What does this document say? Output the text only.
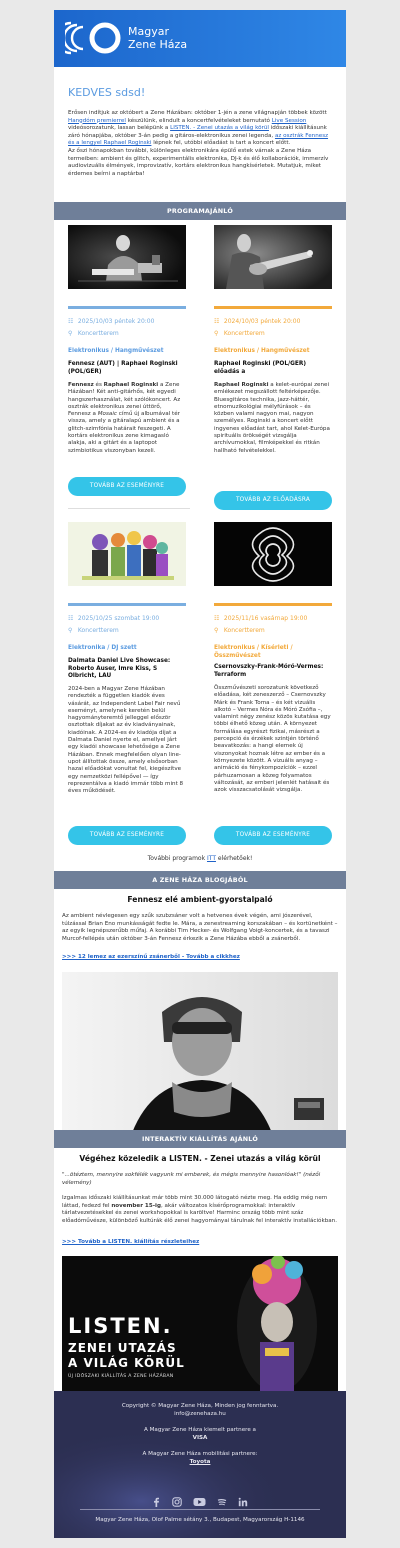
Magyar
Zene Háza
KEDVES sdsd!
Erősen indítjuk az októbert a Zene Házában: október 1-jén a zene világnapján többek között Hangdóm premierrel készülünk, elindult a koncertfelvételeket bemutató Live Session videósorozatunk, lassan belépünk a LISTEN. - Zenei utazás a világ körül időszaki kiállításunk záró hónapjába, október 3-án pedig a gitáros-elektronikus zenei legenda, az osztrák Fennesz és a lengyel Raphael Roginski lépnek fel, utóbbi előadást is tart a koncert előtt.
Az őszi hónapokban további, különleges elektronikára épülő estek várnak a Zene Háza termeiben: ambient és glitch, experimentális elektronika, DJ-k és élő kollaborációk, immerzív audiovizuális élmények, improvizatív, kortárs elektronikus hangkísérletek. Mutatjuk, miket érdemes beírni a naptárba!
PROGRAMAJÁNLÓ
☷ 2025/10/03 péntek 20:00
⚲ Koncertterem
Elektronikus / Hangművészet
Fennesz (AUT) | Raphael Roginski (POL/GER)
Fennesz és Raphael Roginski a Zene Házában! Két anti-gitárhős, két egyedi hangszerhasználat, két szólókoncert. Az osztrák elektronikus zenei úttörő, Fennesz a Mosaic című új albumával tér vissza, amely a gitáralapú ambient és a glitch-szimfónia határait feszegeti. A kortárs elektronikus zene kimagasló alakja, aki a gitárt és a laptopot szimbiotikus viszonyban kezeli.
TOVÁBB AZ ESEMÉNYRE
☷ 2024/10/03 péntek 20:00
⚲ Koncertterem
Elektronikus / Hangművészet
Raphael Roginski (POL/GER) előadás a
Raphael Roginski a kelet-európai zenei emlékezet megszállott feltérképezője. Bluesgitáros technika, jazz-háttér, etnomuzikológiai mélyfúrások – és közben valami nagyon mai, nagyon személyes. Roginski a koncert előtt ingyenes előadást tart, ahol Kelet-Európa spirituális örökségét vizsgálja archívumokkal, filmképekkel és ritkán hallható felvételekkel.
TOVÁBB AZ ELŐADÁSRA
☷ 2025/10/25 szombat 19:00
⚲ Koncertterem
Elektronika / DJ szett
Dalmata Daniel Live Showcase: Roberto Auser, Imre Kiss, S Olbricht, LAU
2024-ben a Magyar Zene Házában rendezték a független kiadók éves vásárát, az Independent Label Fair nevű eseményt, amelynek keretén belül hagyományteremtő jelleggel először osztottak díjakat az év kiadványainak, kiadóinak. A 2024-es év kiadója díjat a Dalmata Daniel nyerte el, amellyel járt egy kiadói showcase lehetősége a Zene Házában. Ennek megfelelően olyan line-upot állítottak össze, amely elsősorban hazai előadókat vonultat fel, kiegészítve egy nemzetközi fellépővel — így reprezentálva a kiadó immár több mint 8 éves működését.
TOVÁBB AZ ESEMÉNYRE
☷ 2025/11/16 vasárnap 19:00
⚲ Koncertterem
Elektronikus / Kísérleti / Összművészet
Csernovszky-Frank-Móró-Vermes: Terraform
Összművészeti sorozatunk következő előadása, két zeneszerző – Csernovszky Márk és Frank Toma – és két vizuális alkotó – Vermes Nóra és Móró Zsófia –, valamint négy zenész közös kutatása egy többi élhető közeg után. A környezet formálása egyrészt fizikai, másrészt a percepció és érzékek szintjén történő beavatkozás: a hangi elemek új viszonyokat hoznak létre az ember és a környezete között. A vizuális anyag – animáció és fénykompozíciók – ezzel párhuzamosan a közeg folyamatos változását, az emberi jelenlét hatásait és azok visszacsatolását vizsgálja.
TOVÁBB AZ ESEMÉNYRE
További programok ITT elérhetőek!
A ZENE HÁZA BLOGJÁBÓL
Fennesz elé ambient-gyorstalpaló
Az ambient névlegesen egy szűk szubzsáner volt a hetvenes évek végén, ami jószerével, túlzással Brian Eno munkásságát fedte le. Mára, a zenestreaming korszakában – és kortünetként – az egyik legnépszerűbb műfaj. A korábbi Tim Hecker- és Wolfgang Voigt-koncertek, és a tavaszi Murcof-fellépés után október 3-án Fennesz érkezik a Zene Házába ebből a zsánerből.
>>> 12 lemez az ezerszínű zsánerből - Tovább a cikkhez
INTERAKTÍV KIÁLLÍTÁS AJÁNLÓ
Végéhez közeledik a LISTEN. - Zenei utazás a világ körül
"...ötéztem, mennyire sokfélék vagyunk mi emberek, és mégis mennyire hasonlóak!" (nézői vélemény)
Izgalmas időszaki kiállításunkat már több mint 30.000 látogató nézte meg. Ha eddig még nem láttad, fedezd fel november 15-ig, akár változatos kísérőprogramokkal: interaktív tárlatvezetésekkel és zenei workshopokkal is karöltve! Harminc ország több mint száz előadóművésze, különböző kultúrák élő zenei hagyományai tárulnak fel interaktív installációkban.
>>> Tovább a LISTEN. kiállítás részleteihez
LISTEN.
ZENEI UTAZÁS
A VILÁG KÖRÜL
ÚJ IDŐSZAKI KIÁLLÍTÁS A ZENE HÁZÁBAN
Copyright © Magyar Zene Háza, Minden jog fenntartva.
info@zenehaza.hu
A Magyar Zene Háza kiemelt partnere a
VISA
A Magyar Zene Háza mobilitási partnere:
Toyota

Magyar Zene Háza, Olof Palme sétány 3., Budapest, Magyarország H-1146
